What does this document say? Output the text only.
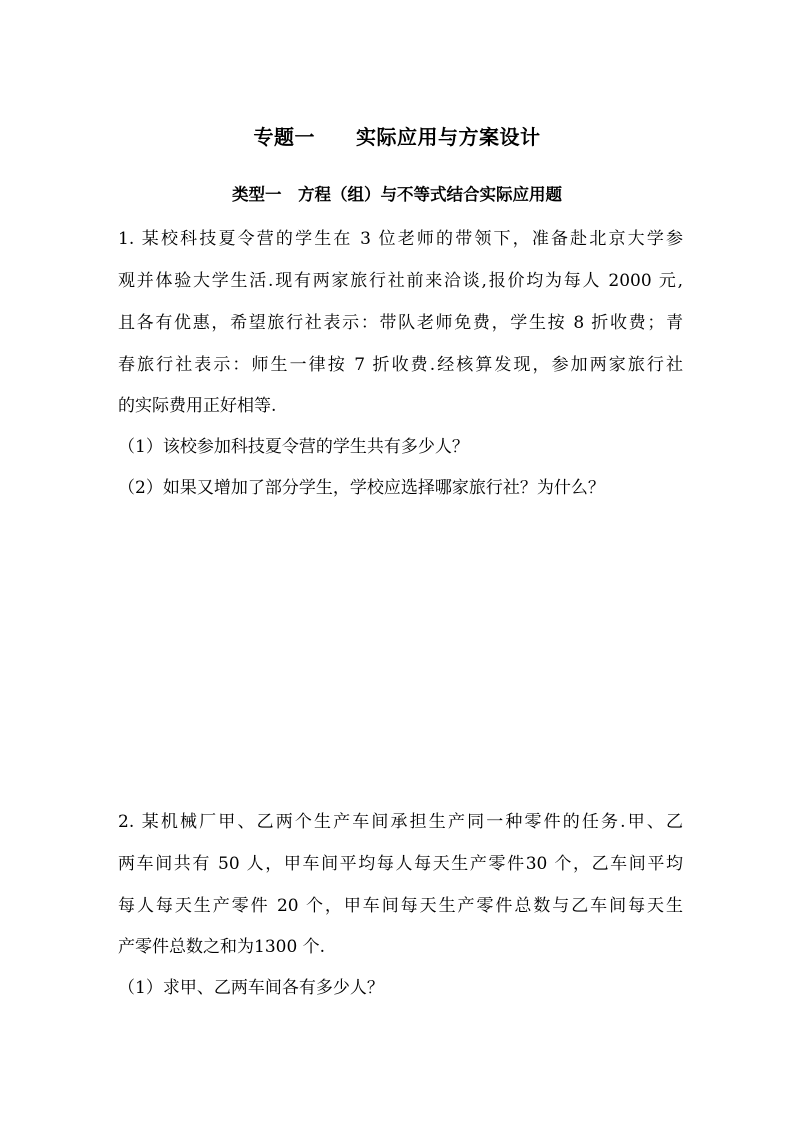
专题一　　实际应用与方案设计
类型一　方程（组）与不等式结合实际应用题
1. 某校科技夏令营的学生在 3 位老师的带领下，准备赴北京大学参
观并体验大学生活.现有两家旅行社前来洽谈,报价均为每人 2000 元,
且各有优惠，希望旅行社表示：带队老师免费，学生按 8 折收费；青
春旅行社表示：师生一律按 7 折收费.经核算发现，参加两家旅行社
的实际费用正好相等.
（1）该校参加科技夏令营的学生共有多少人？
（2）如果又增加了部分学生，学校应选择哪家旅行社？为什么？
2. 某机械厂甲、乙两个生产车间承担生产同一种零件的任务.甲、乙
两车间共有 50 人，甲车间平均每人每天生产零件30 个，乙车间平均
每人每天生产零件 20 个，甲车间每天生产零件总数与乙车间每天生
产零件总数之和为1300 个.
（1）求甲、乙两车间各有多少人？
